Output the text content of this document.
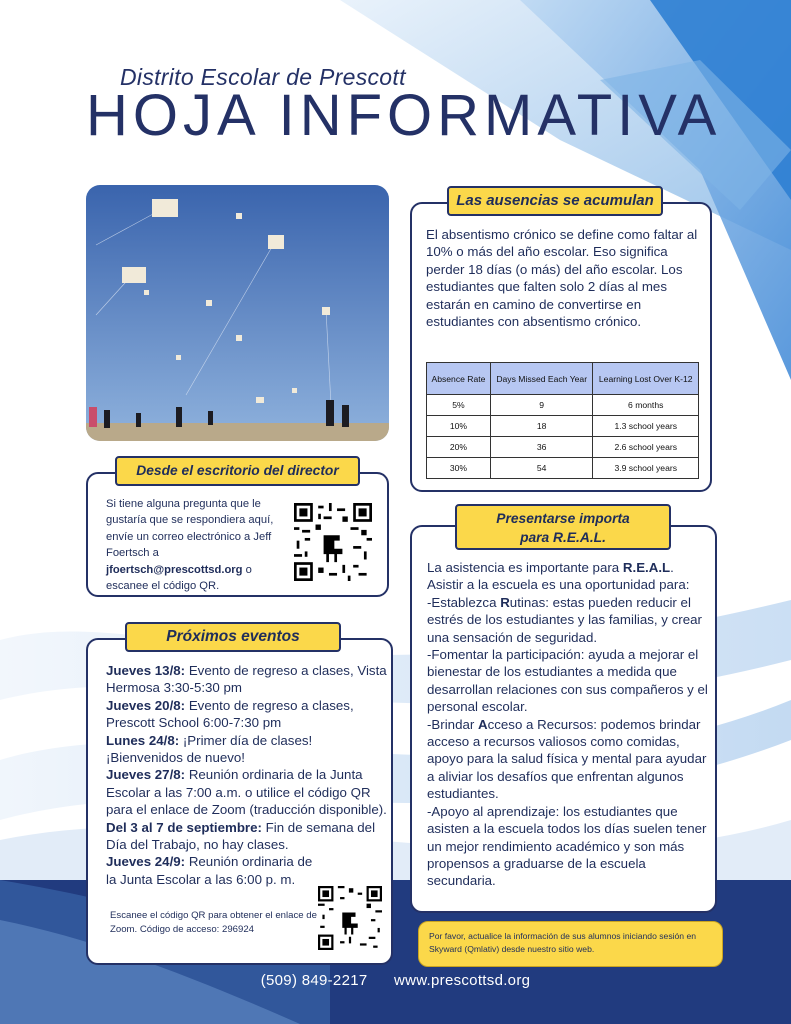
Distrito Escolar de Prescott
HOJA INFORMATIVA
El absentismo crónico se define como faltar al 10% o más del año escolar. Eso significa perder 18 días (o más) del año escolar. Los estudiantes que falten solo 2 días al mes estarán en camino de convertirse en estudiantes con absentismo crónico.
Absence Rate	Days Missed Each Year	Learning Lost Over K-12
5%	9	6 months
10%	18	1.3 school years
20%	36	2.6 school years
30%	54	3.9 school years
Las ausencias se acumulan
Si tiene alguna pregunta que le gustaría que se respondiera aquí, envíe un correo electrónico a Jeff Foertsch a jfoertsch@prescottsd.org o escanee el código QR.
Desde el escritorio del director

Jueves 13/8: Evento de regreso a clases, Vista Hermosa 3:30-5:30 pm

Jueves 20/8: Evento de regreso a clases, Prescott School 6:00-7:30 pm

Lunes 24/8: ¡Primer día de clases! ¡Bienvenidos de nuevo!

Jueves 27/8: Reunión ordinaria de la Junta Escolar a las 7:00 a.m. o utilice el código QR para el enlace de Zoom (traducción disponible).

Del 3 al 7 de septiembre: Fin de semana del Día del Trabajo, no hay clases.

Jueves 24/9: Reunión ordinaria de la Junta Escolar a las 6:00 p. m.

Próximos eventos
Escanee el código QR para obtener el enlace de Zoom. Código de acceso: 296924

La asistencia es importante para R.E.A.L.

Asistir a la escuela es una oportunidad para:

-Establezca Rutinas: estas pueden reducir el estrés de los estudiantes y las familias, y crear una sensación de seguridad.

-Fomentar la participación: ayuda a mejorar el bienestar de los estudiantes a medida que desarrollan relaciones con sus compañeros y el personal escolar.

-Brindar Acceso a Recursos: podemos brindar acceso a recursos valiosos como comidas, apoyo para la salud física y mental para ayudar a aliviar los desafíos que enfrentan algunos estudiantes.

-Apoyo al aprendizaje: los estudiantes que asisten a la escuela todos los días suelen tener un mejor rendimiento académico y son más propensos a graduarse de la escuela secundaria.

Presentarse importa
para R.E.A.L.
Por favor, actualice la información de sus alumnos iniciando sesión en Skyward (Qmlativ) desde nuestro sitio web.
(509) 849-2217 www.prescottsd.org
